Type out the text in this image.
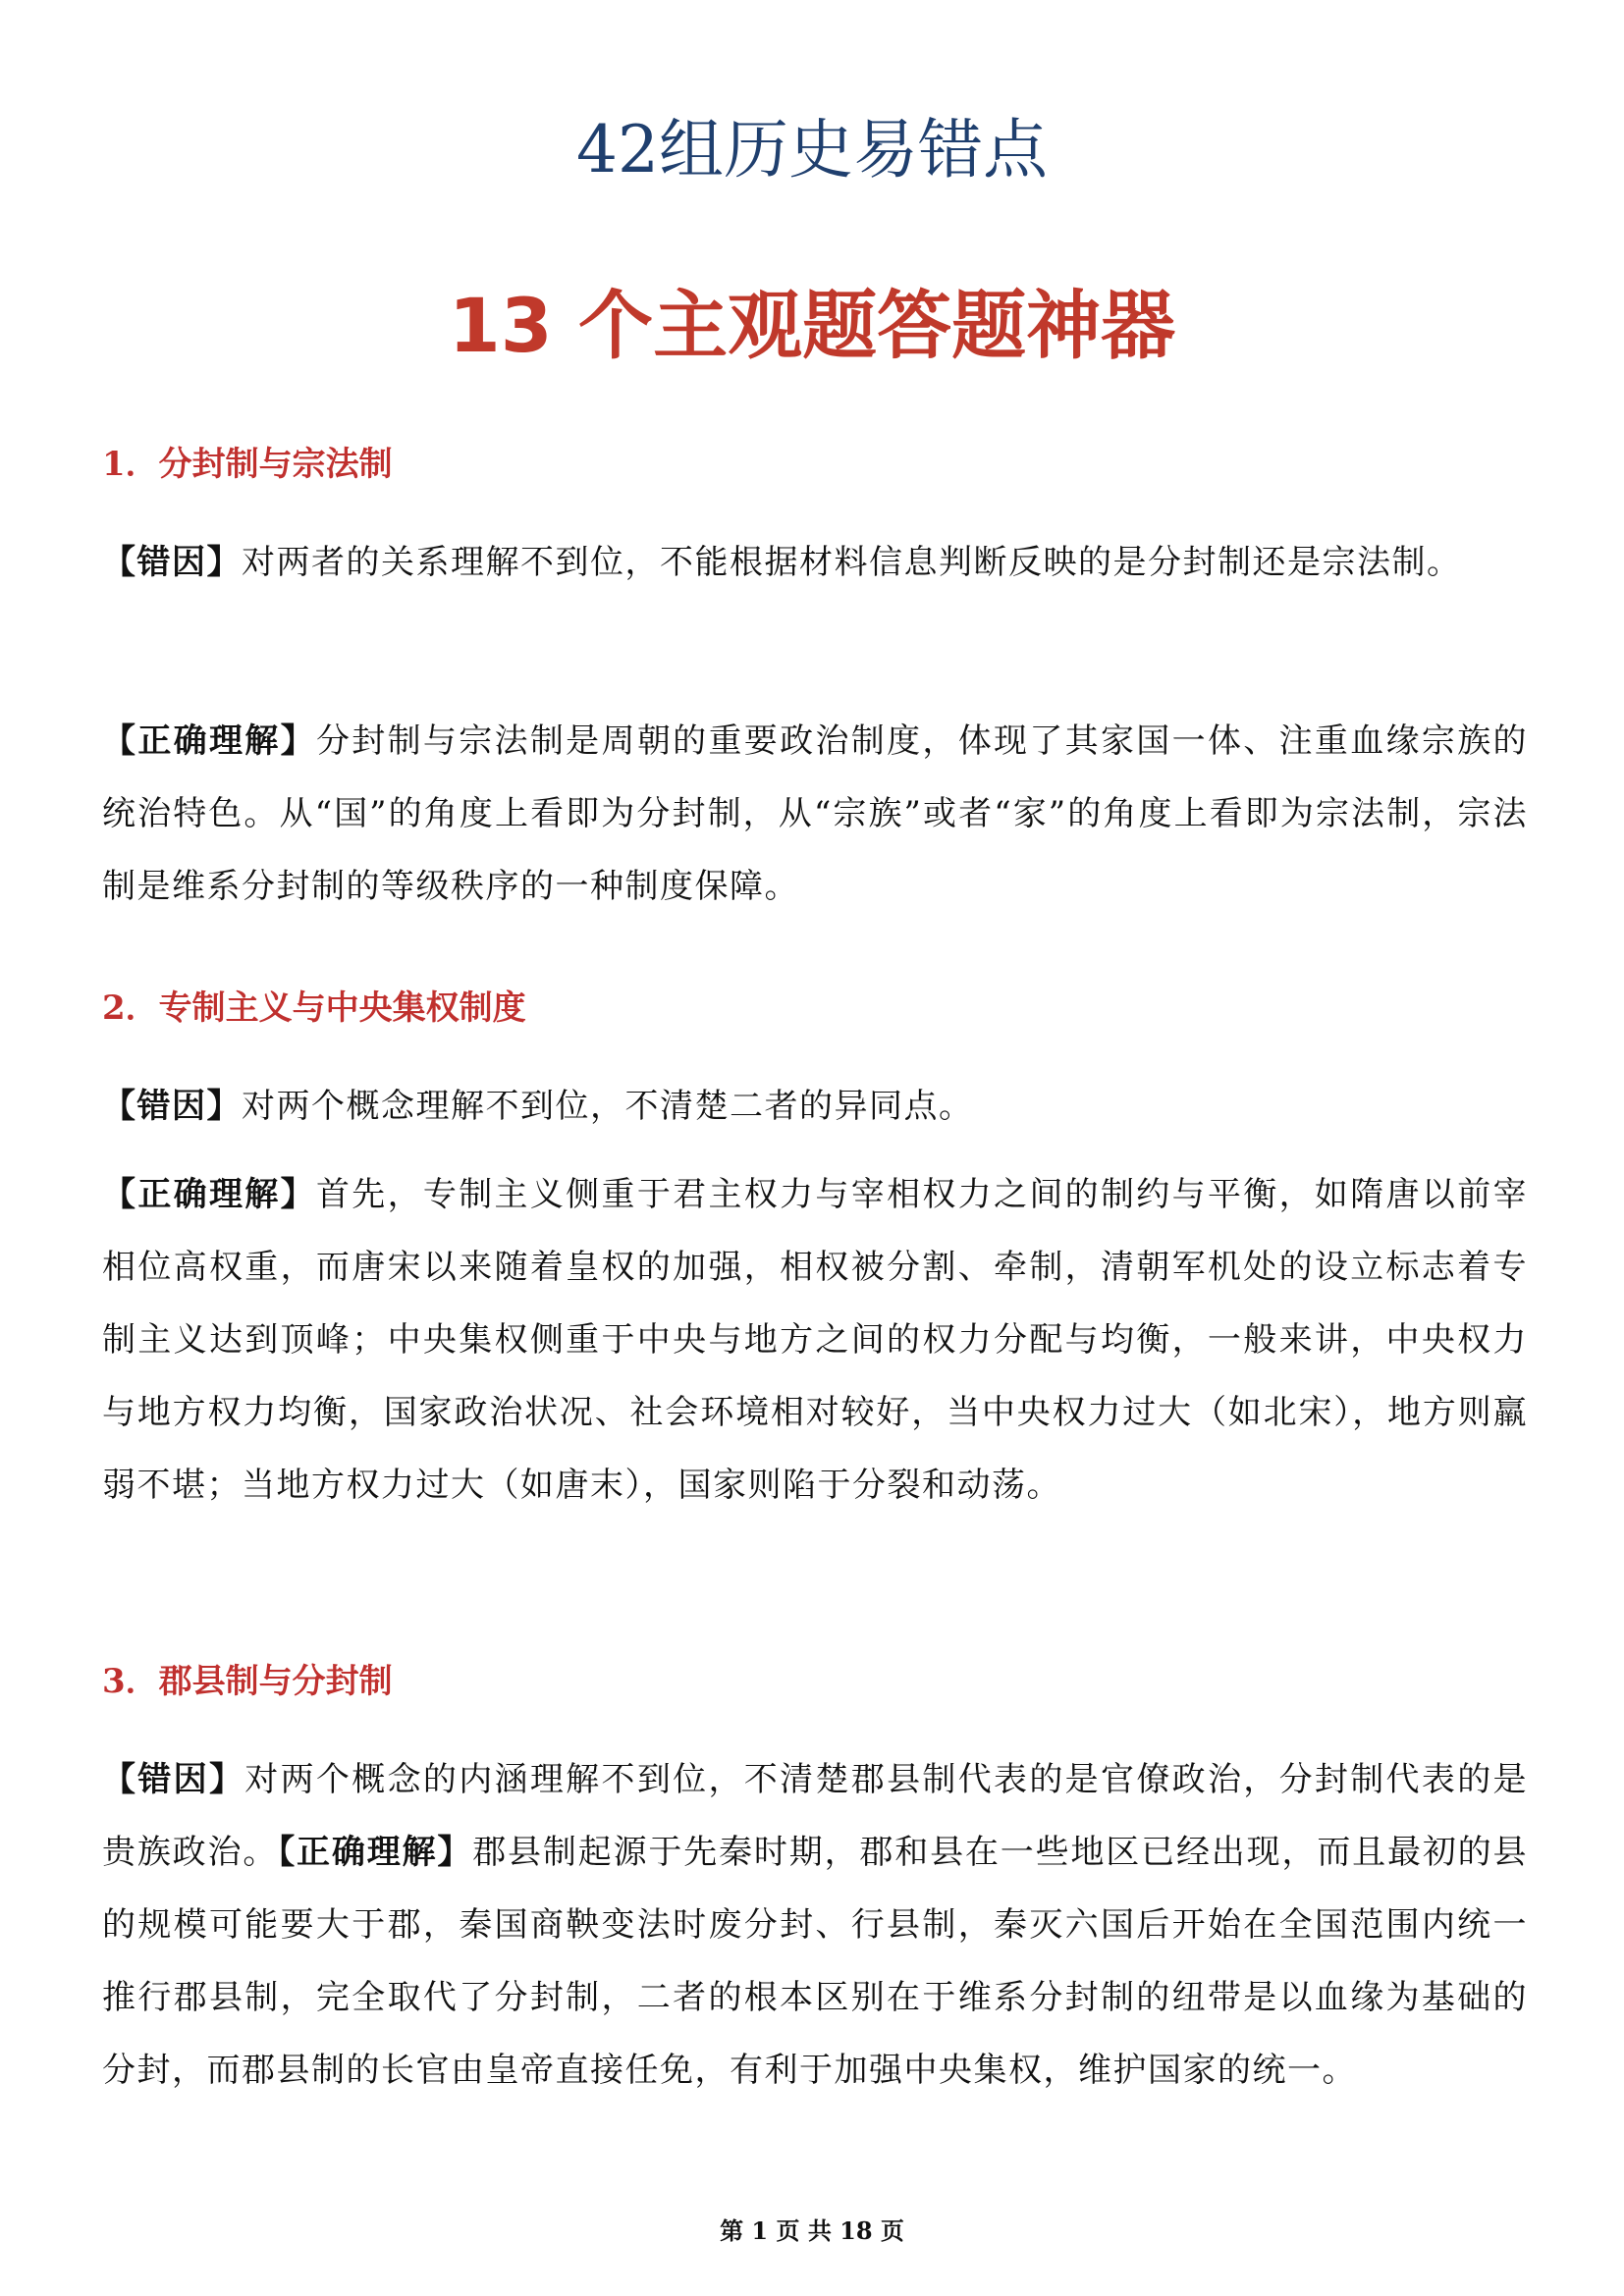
42组历史易错点
13 个主观题答题神器
1．分封制与宗法制

【错因】对两者的关系理解不到位，不能根据材料信息判断反映的是分封制还是宗法制。

【正确理解】分封制与宗法制是周朝的重要政治制度，体现了其家国一体、注重血缘宗族的统治特色。从“国”的角度上看即为分封制，从“宗族”或者“家”的角度上看即为宗法制，宗法制是维系分封制的等级秩序的一种制度保障。

2．专制主义与中央集权制度

【错因】对两个概念理解不到位，不清楚二者的异同点。

【正确理解】首先，专制主义侧重于君主权力与宰相权力之间的制约与平衡，如隋唐以前宰相位高权重，而唐宋以来随着皇权的加强，相权被分割、牵制，清朝军机处的设立标志着专制主义达到顶峰；中央集权侧重于中央与地方之间的权力分配与均衡，一般来讲，中央权力与地方权力均衡，国家政治状况、社会环境相对较好，当中央权力过大（如北宋），地方则羸弱不堪；当地方权力过大（如唐末），国家则陷于分裂和动荡。

3．郡县制与分封制

【错因】对两个概念的内涵理解不到位，不清楚郡县制代表的是官僚政治，分封制代表的是贵族政治。【正确理解】郡县制起源于先秦时期，郡和县在一些地区已经出现，而且最初的县的规模可能要大于郡，秦国商鞅变法时废分封、行县制，秦灭六国后开始在全国范围内统一推行郡县制，完全取代了分封制，二者的根本区别在于维系分封制的纽带是以血缘为基础的分封，而郡县制的长官由皇帝直接任免，有利于加强中央集权，维护国家的统一。

第 1 页 共 18 页
